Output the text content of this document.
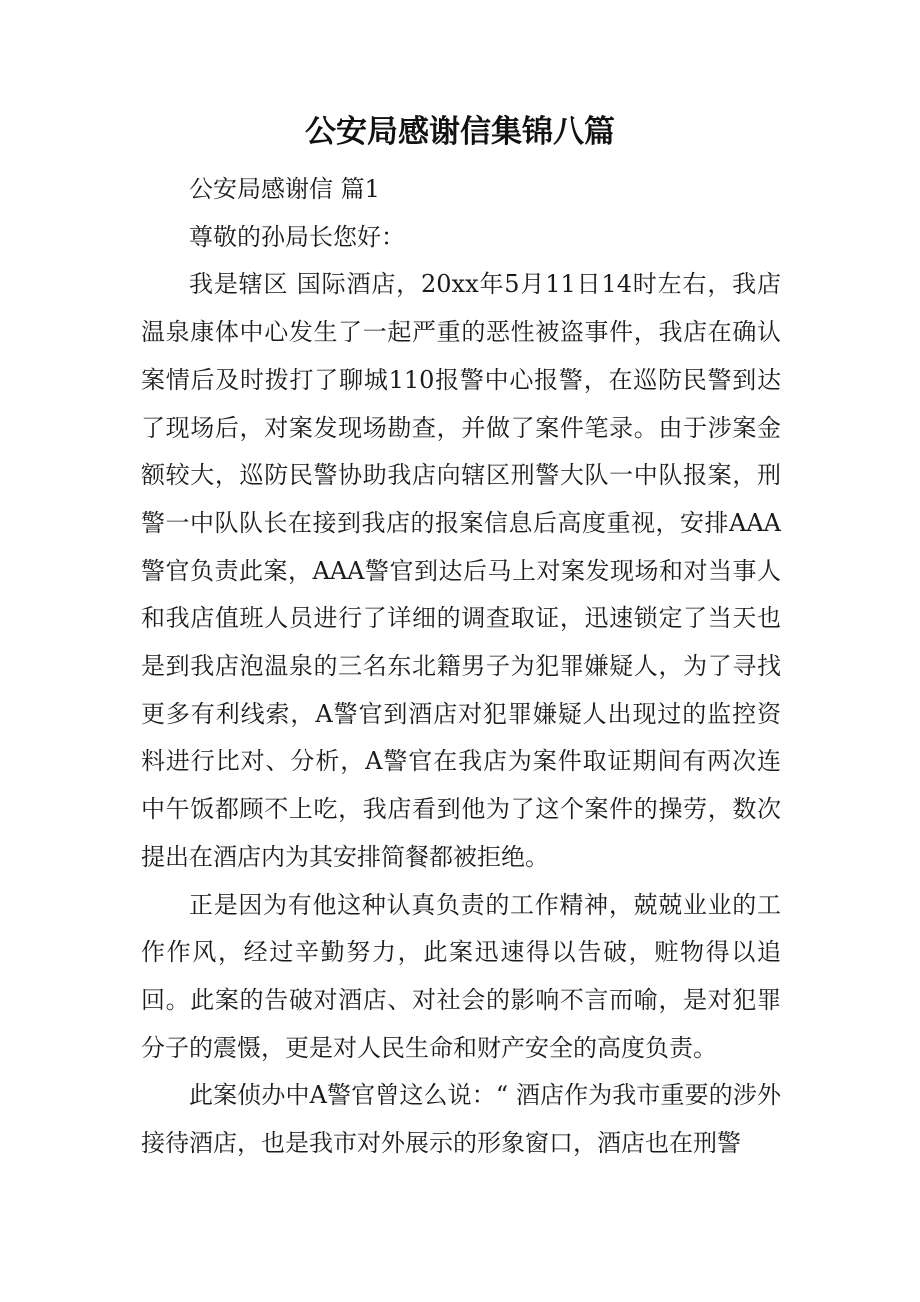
公安局感谢信集锦八篇

公安局感谢信 篇1

尊敬的孙局长您好：

我是辖区 国际酒店，20xx年5月11日14时左右，我店温泉康体中心发生了一起严重的恶性被盗事件，我店在确认案情后及时拨打了聊城110报警中心报警，在巡防民警到达了现场后，对案发现场勘查，并做了案件笔录。由于涉案金额较大，巡防民警协助我店向辖区刑警大队一中队报案，刑警一中队队长在接到我店的报案信息后高度重视，安排AAA警官负责此案，AAA警官到达后马上对案发现场和对当事人和我店值班人员进行了详细的调查取证，迅速锁定了当天也是到我店泡温泉的三名东北籍男子为犯罪嫌疑人，为了寻找更多有利线索，A警官到酒店对犯罪嫌疑人出现过的监控资料进行比对、分析，A警官在我店为案件取证期间有两次连中午饭都顾不上吃，我店看到他为了这个案件的操劳，数次提出在酒店内为其安排简餐都被拒绝。

正是因为有他这种认真负责的工作精神，兢兢业业的工作作风，经过辛勤努力，此案迅速得以告破，赃物得以追回。此案的告破对酒店、对社会的影响不言而喻，是对犯罪分子的震慑，更是对人民生命和财产安全的高度负责。

此案侦办中A警官曾这么说：“ 酒店作为我市重要的涉外接待酒店，也是我市对外展示的形象窗口，酒店也在刑警
